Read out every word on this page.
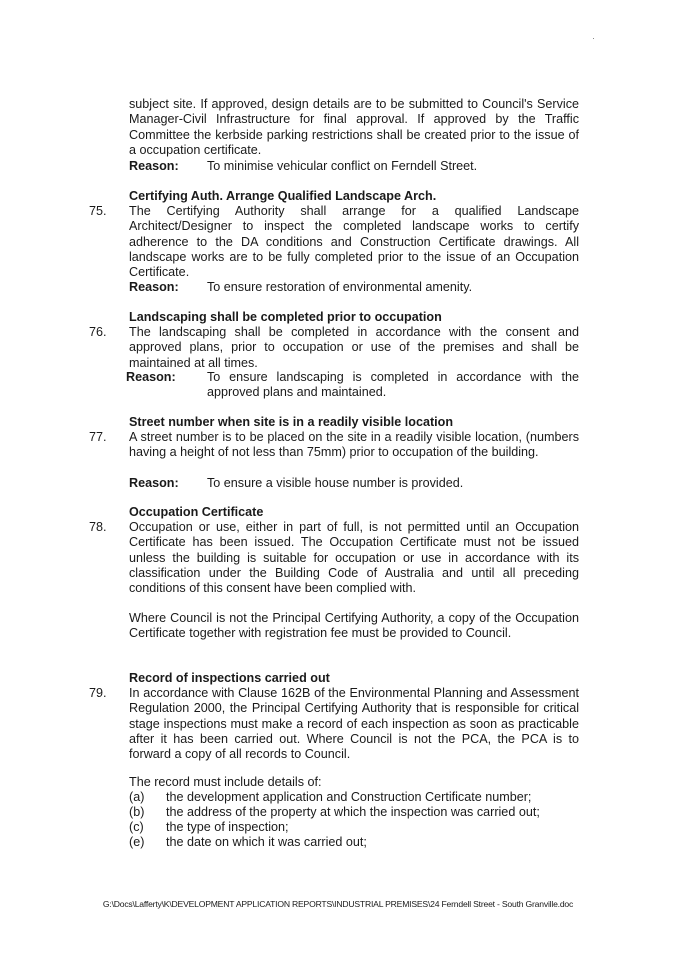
subject site. If approved, design details are to be submitted to Council's Service Manager-Civil Infrastructure for final approval. If approved by the Traffic Committee the kerbside parking restrictions shall be created prior to the issue of a occupation certificate.
Reason: To minimise vehicular conflict on Ferndell Street.
Certifying Auth. Arrange Qualified Landscape Arch.
75. The Certifying Authority shall arrange for a qualified Landscape Architect/Designer to inspect the completed landscape works to certify adherence to the DA conditions and Construction Certificate drawings. All landscape works are to be fully completed prior to the issue of an Occupation Certificate.
Reason: To ensure restoration of environmental amenity.
Landscaping shall be completed prior to occupation
76. The landscaping shall be completed in accordance with the consent and approved plans, prior to occupation or use of the premises and shall be maintained at all times.
Reason: To ensure landscaping is completed in accordance with the approved plans and maintained.
Street number when site is in a readily visible location
77. A street number is to be placed on the site in a readily visible location, (numbers having a height of not less than 75mm) prior to occupation of the building.
Reason: To ensure a visible house number is provided.
Occupation Certificate
78. Occupation or use, either in part of full, is not permitted until an Occupation Certificate has been issued. The Occupation Certificate must not be issued unless the building is suitable for occupation or use in accordance with its classification under the Building Code of Australia and until all preceding conditions of this consent have been complied with.
Where Council is not the Principal Certifying Authority, a copy of the Occupation Certificate together with registration fee must be provided to Council.
Record of inspections carried out
79. In accordance with Clause 162B of the Environmental Planning and Assessment Regulation 2000, the Principal Certifying Authority that is responsible for critical stage inspections must make a record of each inspection as soon as practicable after it has been carried out. Where Council is not the PCA, the PCA is to forward a copy of all records to Council.
The record must include details of:
(a) the development application and Construction Certificate number;
(b) the address of the property at which the inspection was carried out;
(c) the type of inspection;
(e) the date on which it was carried out;
G:\Docs\Lafferty\K\DEVELOPMENT APPLICATION REPORTS\INDUSTRIAL PREMISES\24 Ferndell Street - South Granville.doc
